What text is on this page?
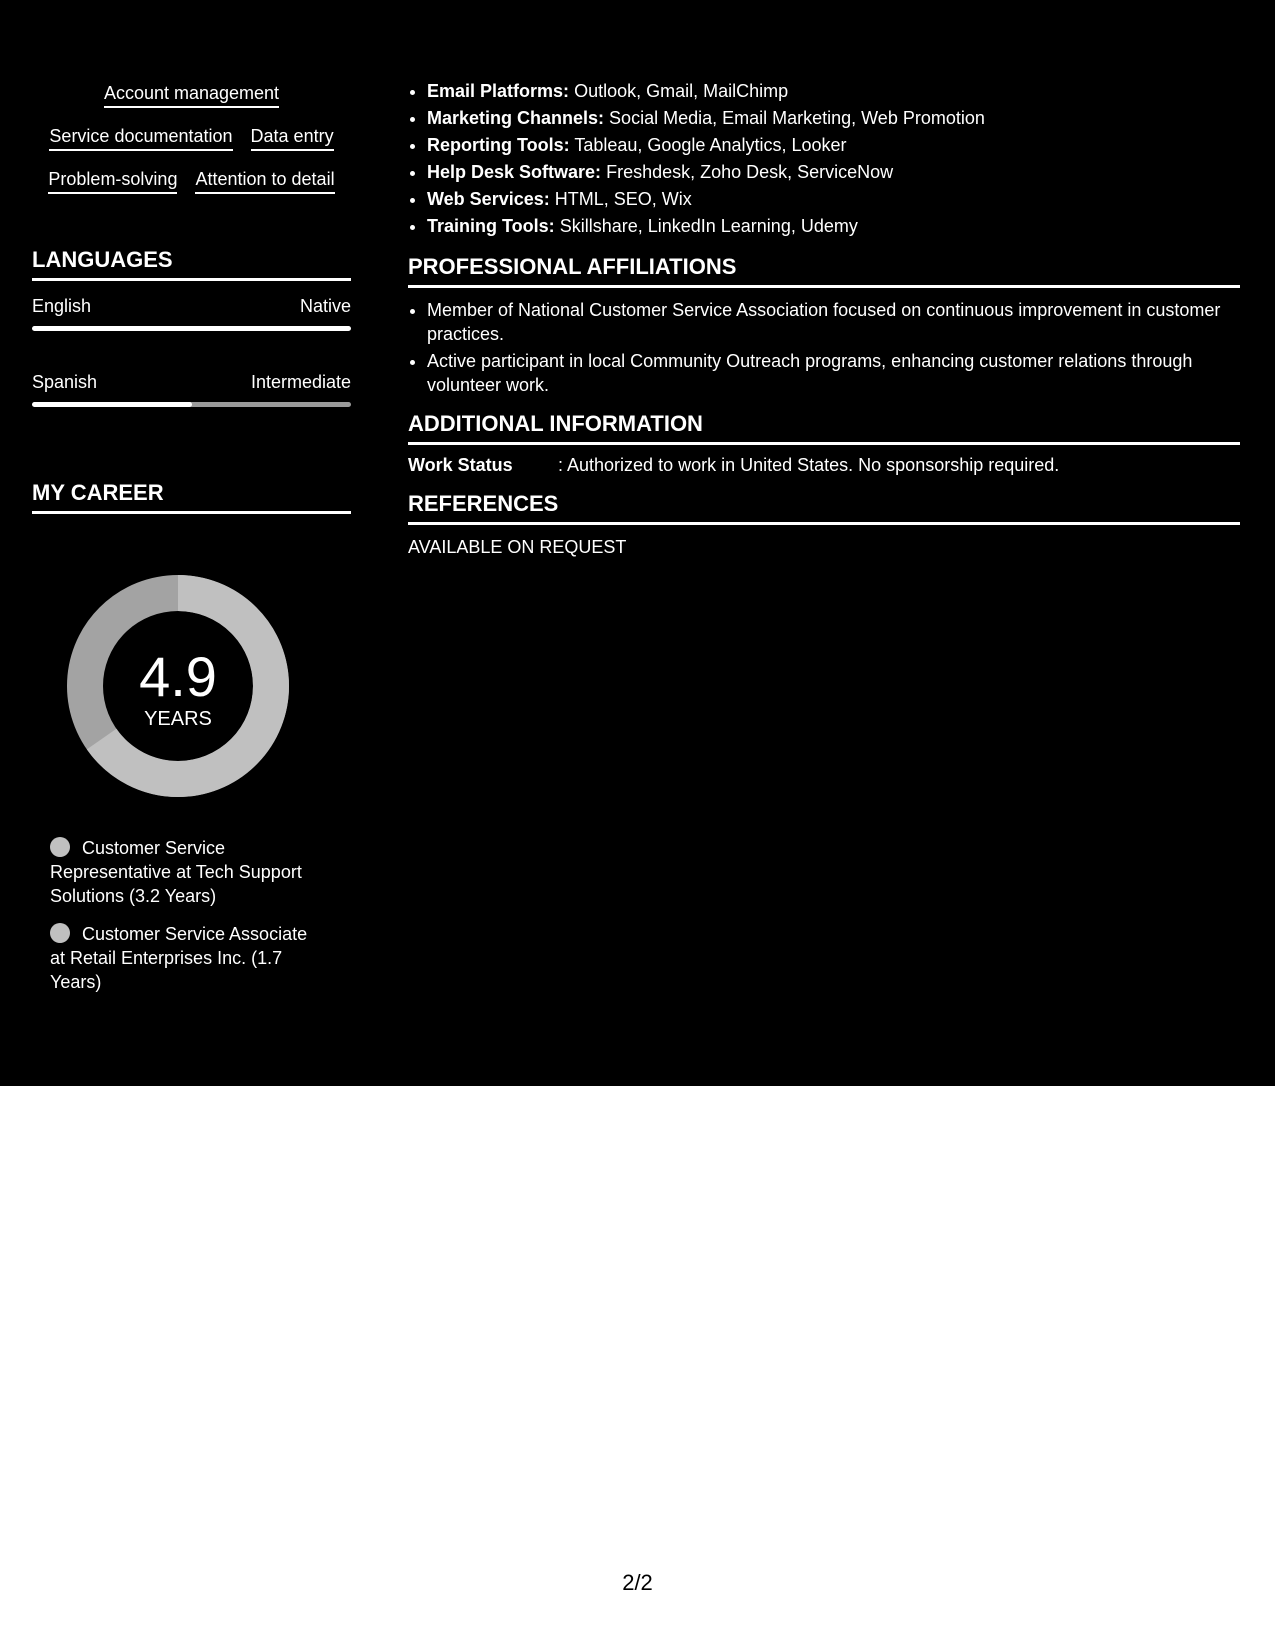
Account management
Service documentation Data entry
Problem-solving Attention to detail
LANGUAGES
English	Native
Spanish	Intermediate
MY CAREER
4.9
YEARS
Customer Service Representative at Tech Support Solutions (3.2 Years)
Customer Service Associate at Retail Enterprises Inc. (1.7 Years)
• Email Platforms: Outlook, Gmail, MailChimp
• Marketing Channels: Social Media, Email Marketing, Web Promotion
• Reporting Tools: Tableau, Google Analytics, Looker
• Help Desk Software: Freshdesk, Zoho Desk, ServiceNow
• Web Services: HTML, SEO, Wix
• Training Tools: Skillshare, LinkedIn Learning, Udemy
PROFESSIONAL AFFILIATIONS
• Member of National Customer Service Association focused on continuous improvement in customer practices.
• Active participant in local Community Outreach programs, enhancing customer relations through volunteer work.
ADDITIONAL INFORMATION
Work Status	: Authorized to work in United States. No sponsorship required.
REFERENCES
AVAILABLE ON REQUEST
2/2
